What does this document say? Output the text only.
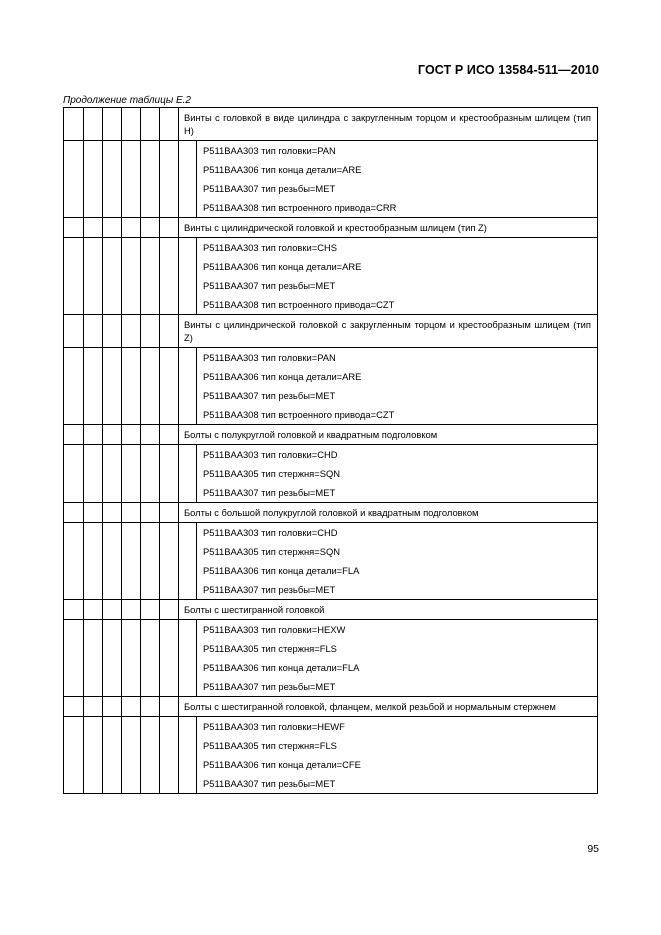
ГОСТ Р ИСО 13584-511—2010
Продолжение таблицы Е.2
Винты с головкой в виде цилиндра с закругленным торцом и крестообразным шлицем (тип H)
P511BAA303 тип головки=PAN
P511BAA306 тип конца детали=ARE
P511BAA307 тип резьбы=MET
P511BAA308 тип встроенного привода=CRR
Винты с цилиндрической головкой и крестообразным шлицем (тип Z)
P511BAA303 тип головки=CHS
P511BAA306 тип конца детали=ARE
P511BAA307 тип резьбы=MET
P511BAA308 тип встроенного привода=CZT
Винты с цилиндрической головкой с закругленным торцом и крестообразным шлицем (тип Z)
P511BAA303 тип головки=PAN
P511BAA306 тип конца детали=ARE
P511BAA307 тип резьбы=MET
P511BAA308 тип встроенного привода=CZT
Болты с полукруглой головкой и квадратным подголовком
P511BAA303 тип головки=CHD
P511BAA305 тип стержня=SQN
P511BAA307 тип резьбы=MET
Болты с большой полукруглой головкой и квадратным подголовком
P511BAA303 тип головки=CHD
P511BAA305 тип стержня=SQN
P511BAA306 тип конца детали=FLA
P511BAA307 тип резьбы=MET
Болты с шестигранной головкой
P511BAA303 тип головки=HEXW
P511BAA305 тип стержня=FLS
P511BAA306 тип конца детали=FLA
P511BAA307 тип резьбы=MET
Болты с шестигранной головкой, фланцем, мелкой резьбой и нормальным стержнем
P511BAA303 тип головки=HEWF
P511BAA305 тип стержня=FLS
P511BAA306 тип конца детали=CFE
P511BAA307 тип резьбы=MET
95
